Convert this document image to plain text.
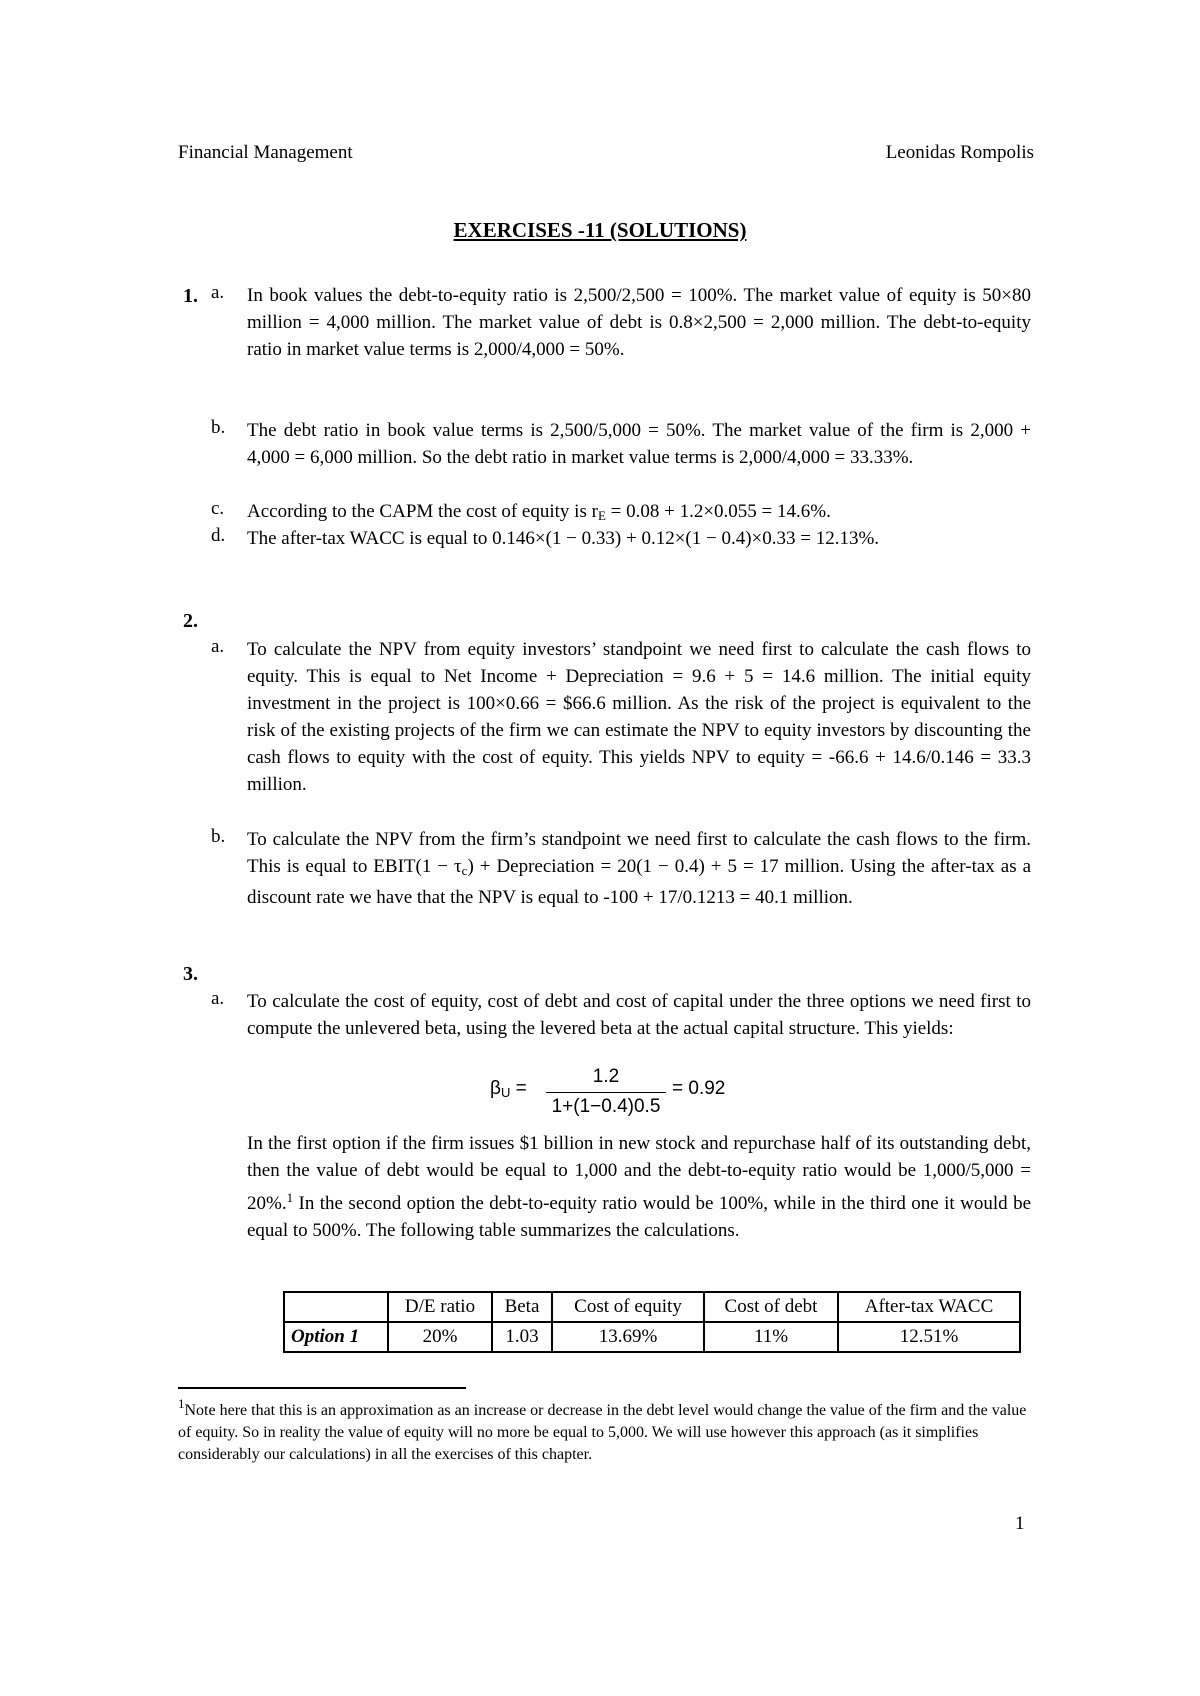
Financial Management	Leonidas Rompolis
EXERCISES -11 (SOLUTIONS)
1. a.	In book values the debt-to-equity ratio is 2,500/2,500 = 100%. The market value of equity is 50×80 million = 4,000 million. The market value of debt is 0.8×2,500 = 2,000 million. The debt-to-equity ratio in market value terms is 2,000/4,000 = 50%.
b.	The debt ratio in book value terms is 2,500/5,000 = 50%. The market value of the firm is 2,000 + 4,000 = 6,000 million. So the debt ratio in market value terms is 2,000/4,000 = 33.33%.
c.	According to the CAPM the cost of equity is $r_E = 0.08 + 1.2\times 0.055 = 14.6\%$.
d.	The after-tax WACC is equal to 0.146×(1 − 0.33) + 0.12×(1 − 0.4)×0.33 = 12.13%.
2.
a.	To calculate the NPV from equity investors’ standpoint we need first to calculate the cash flows to equity. This is equal to Net Income + Depreciation = 9.6 + 5 = 14.6 million. The initial equity investment in the project is 100×0.66 = $66.6 million. As the risk of the project is equivalent to the risk of the existing projects of the firm we can estimate the NPV to equity investors by discounting the cash flows to equity with the cost of equity. This yields NPV to equity = -66.6 + 14.6/0.146 = 33.3 million.
b.	To calculate the NPV from the firm’s standpoint we need first to calculate the cash flows to the firm. This is equal to EBIT(1 − $\tau_c$) + Depreciation = 20(1 − 0.4) + 5 = 17 million. Using the after-tax as a discount rate we have that the NPV is equal to -100 + 17/0.1213 = 40.1 million.
3.
a.	To calculate the cost of equity, cost of debt and cost of capital under the three options we need first to compute the unlevered beta, using the levered beta at the actual capital structure. This yields:
$\beta_U$ =
1.2
1+(1−0.4)0.5
= 0.92
In the first option if the firm issues $1 billion in new stock and repurchase half of its outstanding debt, then the value of debt would be equal to 1,000 and the debt-to-equity ratio would be 1,000/5,000 = 20%.$^1$ In the second option the debt-to-equity ratio would be 100%, while in the third one it would be equal to 500%. The following table summarizes the calculations.
	D/E ratio	Beta	Cost of equity	Cost of debt	After-tax WACC
Option 1	20%	1.03	13.69%	11%	12.51%
$^1$Note here that this is an approximation as an increase or decrease in the debt level would change the value of the firm and the value of equity. So in reality the value of equity will no more be equal to 5,000. We will use however this approach (as it simplifies considerably our calculations) in all the exercises of this chapter.
1
